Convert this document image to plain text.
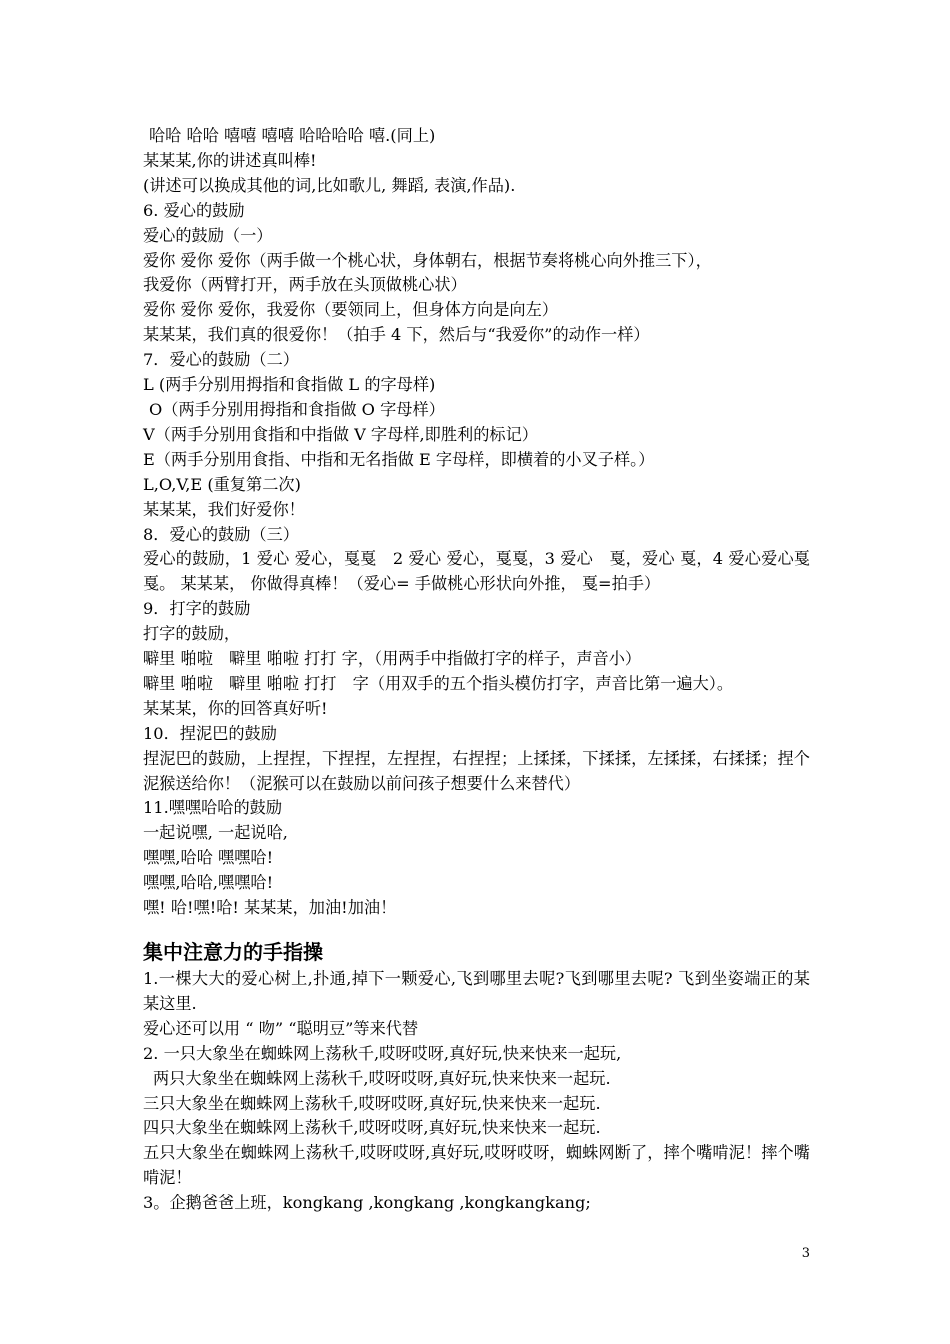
哈哈 哈哈 嘻嘻 嘻嘻 哈哈哈哈 嘻.(同上)

某某某,你的讲述真叫棒!

(讲述可以换成其他的词,比如歌儿, 舞蹈, 表演,作品).

6. 爱心的鼓励

爱心的鼓励（一）

爱你 爱你 爱你（两手做一个桃心状，身体朝右，根据节奏将桃心向外推三下），

我爱你（两臂打开，两手放在头顶做桃心状）

爱你 爱你 爱你，我爱你（要领同上，但身体方向是向左）

某某某，我们真的很爱你！（拍手 4 下，然后与“我爱你”的动作一样）

7．爱心的鼓励（二）

L (两手分别用拇指和食指做 L 的字母样)

O（两手分别用拇指和食指做 O 字母样）

V（两手分别用食指和中指做 V 字母样,即胜利的标记）

E（两手分别用食指、中指和无名指做 E 字母样，即横着的小叉子样。）

L,O,V,E (重复第二次)

某某某，我们好爱你！

8．爱心的鼓励（三）

爱心的鼓励，1 爱心 爱心，戛戛　2 爱心 爱心，戛戛，3 爱心　戛，爱心 戛，4 爱心爱心戛戛。 某某某， 你做得真棒！（爱心= 手做桃心形状向外推， 戛=拍手）

9．打字的鼓励

打字的鼓励，

噼里 啪啦　噼里 啪啦 打打 字，（用两手中指做打字的样子，声音小）

噼里 啪啦　噼里 啪啦 打打　字（用双手的五个指头模仿打字，声音比第一遍大）。

某某某，你的回答真好听!

10．捏泥巴的鼓励

捏泥巴的鼓励，上捏捏，下捏捏，左捏捏，右捏捏；上揉揉，下揉揉，左揉揉，右揉揉；捏个泥猴送给你！（泥猴可以在鼓励以前问孩子想要什么来替代）

11.嘿嘿哈哈的鼓励

一起说嘿, 一起说哈,

嘿嘿,哈哈 嘿嘿哈!

嘿嘿,哈哈,嘿嘿哈!

嘿! 哈!嘿!哈! 某某某，加油!加油！

集中注意力的手指操

1.一棵大大的爱心树上,扑通,掉下一颗爱心,飞到哪里去呢?飞到哪里去呢? 飞到坐姿端正的某某这里.

爱心还可以用 “ 吻” “聪明豆”等来代替

2. 一只大象坐在蜘蛛网上荡秋千,哎呀哎呀,真好玩,快来快来一起玩,

两只大象坐在蜘蛛网上荡秋千,哎呀哎呀,真好玩,快来快来一起玩.

三只大象坐在蜘蛛网上荡秋千,哎呀哎呀,真好玩,快来快来一起玩.

四只大象坐在蜘蛛网上荡秋千,哎呀哎呀,真好玩,快来快来一起玩.

五只大象坐在蜘蛛网上荡秋千,哎呀哎呀,真好玩,哎呀哎呀，蜘蛛网断了，摔个嘴啃泥！摔个嘴啃泥！

3。企鹅爸爸上班，kongkang ,kongkang ,kongkangkang;

3
